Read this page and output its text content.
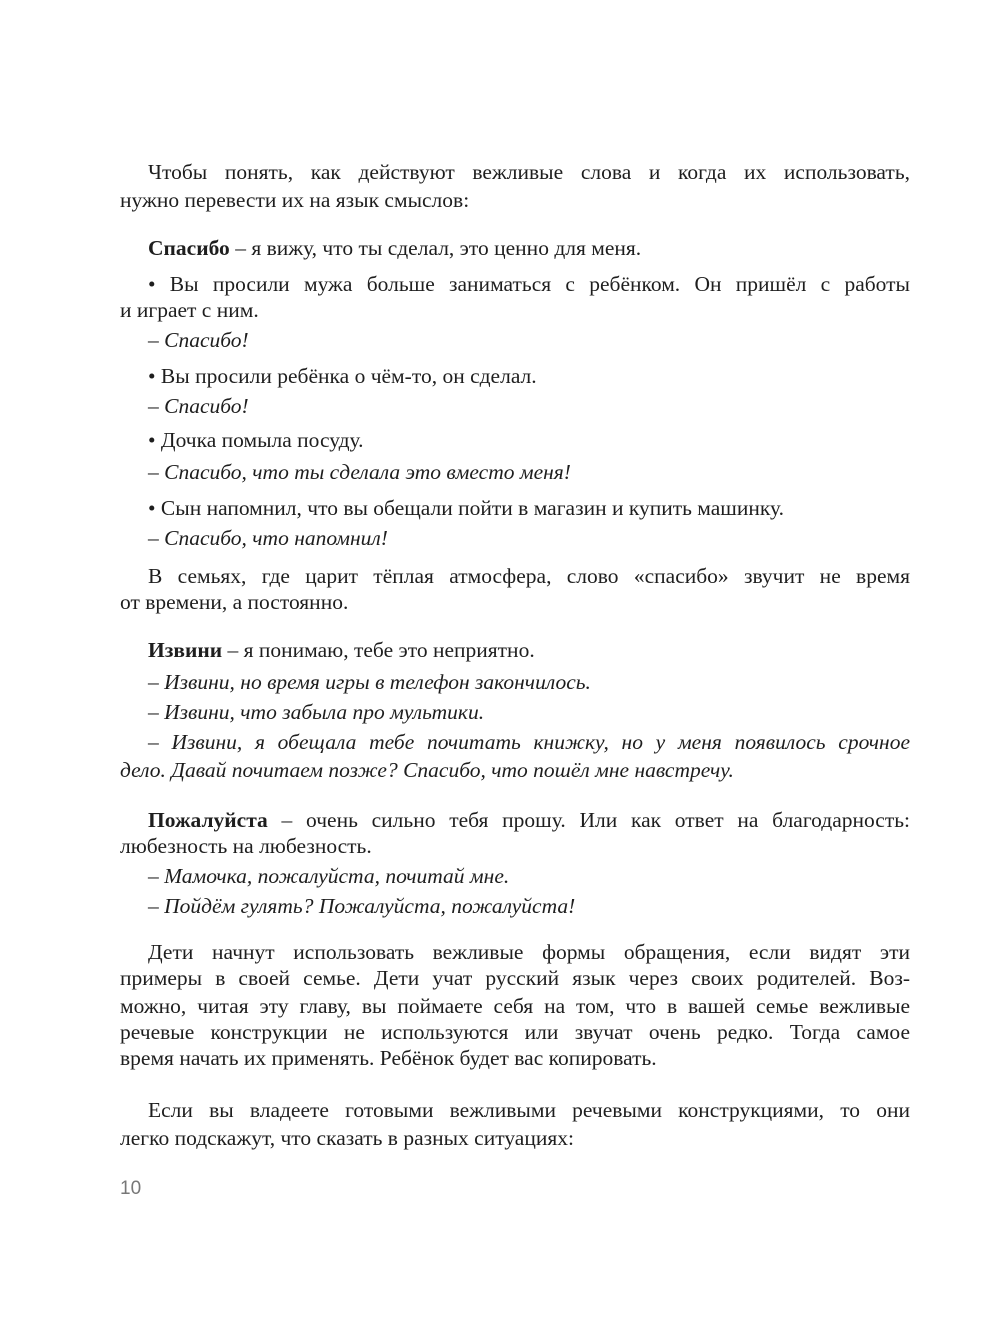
Чтобы понять, как действуют вежливые слова и когда их использовать,
нужно перевести их на язык смыслов:
Спасибо – я вижу, что ты сделал, это ценно для меня.
• Вы просили мужа больше заниматься с ребёнком. Он пришёл с работы
и играет с ним.
– Спасибо!
• Вы просили ребёнка о чём-то, он сделал.
– Спасибо!
• Дочка помыла посуду.
– Спасибо, что ты сделала это вместо меня!
• Сын напомнил, что вы обещали пойти в магазин и купить машинку.
– Спасибо, что напомнил!
В семьях, где царит тёплая атмосфера, слово «спасибо» звучит не время
от времени, а постоянно.
Извини – я понимаю, тебе это неприятно.
– Извини, но время игры в телефон закончилось.
– Извини, что забыла про мультики.
– Извини, я обещала тебе почитать книжку, но у меня появилось срочное
дело. Давай почитаем позже? Спасибо, что пошёл мне навстречу.
Пожалуйста – очень сильно тебя прошу. Или как ответ на благодарность:
любезность на любезность.
– Мамочка, пожалуйста, почитай мне.
– Пойдём гулять? Пожалуйста, пожалуйста!
Дети начнут использовать вежливые формы обращения, если видят эти
примеры в своей семье. Дети учат русский язык через своих родителей. Воз-
можно, читая эту главу, вы поймаете себя на том, что в вашей семье вежливые
речевые конструкции не используются или звучат очень редко. Тогда самое
время начать их применять. Ребёнок будет вас копировать.
Если вы владеете готовыми вежливыми речевыми конструкциями, то они
легко подскажут, что сказать в разных ситуациях:
10
